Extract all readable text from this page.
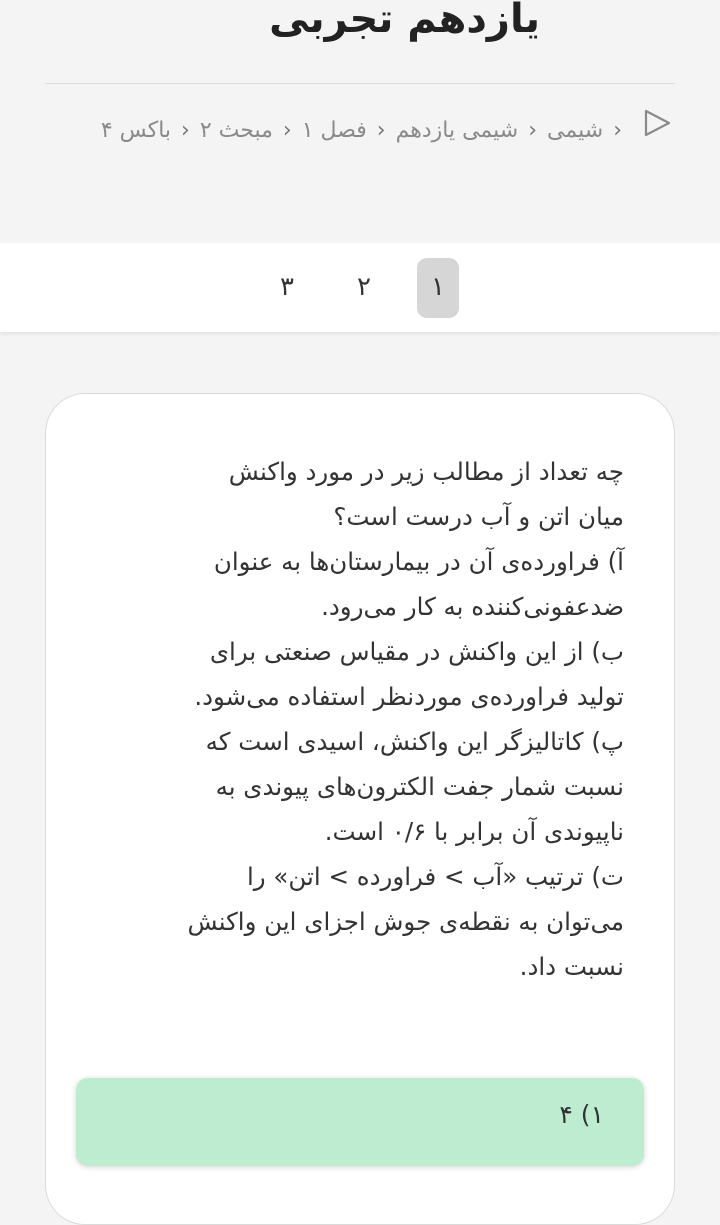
یازدهم تجربی
‹شیمی‹شیمی یازدهم‹فصل ۱‹مبحث ۲‹باکس ۴
۱
۲
۳
چه تعداد از مطالب زیر در مورد واکنش
میان اتن و آب درست است؟
آ) فراورده‌ی آن در بیمارستان‌ها به عنوان
ضدعفونی‌کننده به کار می‌رود.
ب) از این واکنش در مقیاس صنعتی برای
تولید فراورده‌ی موردنظر استفاده می‌شود.
پ) کاتالیزگر این واکنش، اسیدی است که
نسبت شمار جفت الکترون‌های پیوندی به
ناپیوندی آن برابر با ۰/۶ است.
ت) ترتیب «آب > فراورده > اتن» را
می‌توان به نقطه‌ی جوش اجزای این واکنش
نسبت داد.
۱) ۴
